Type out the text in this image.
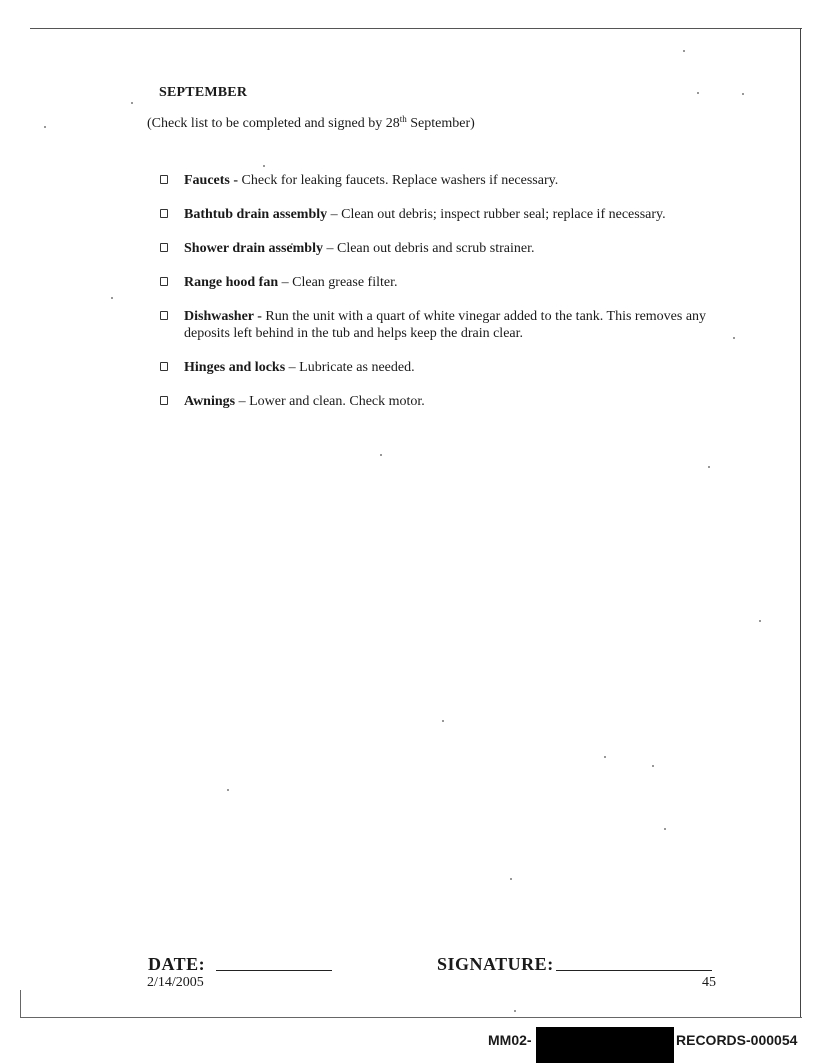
SEPTEMBER
(Check list to be completed and signed by 28th September)
Faucets - Check for leaking faucets. Replace washers if necessary.
Bathtub drain assembly – Clean out debris; inspect rubber seal; replace if necessary.
Shower drain assembly – Clean out debris and scrub strainer.
Range hood fan – Clean grease filter.
Dishwasher - Run the unit with a quart of white vinegar added to the tank. This removes any deposits left behind in the tub and helps keep the drain clear.
Hinges and locks – Lubricate as needed.
Awnings – Lower and clean. Check motor.
DATE:
2/14/2005
SIGNATURE:
45
MM02-	RECORDS-000054
